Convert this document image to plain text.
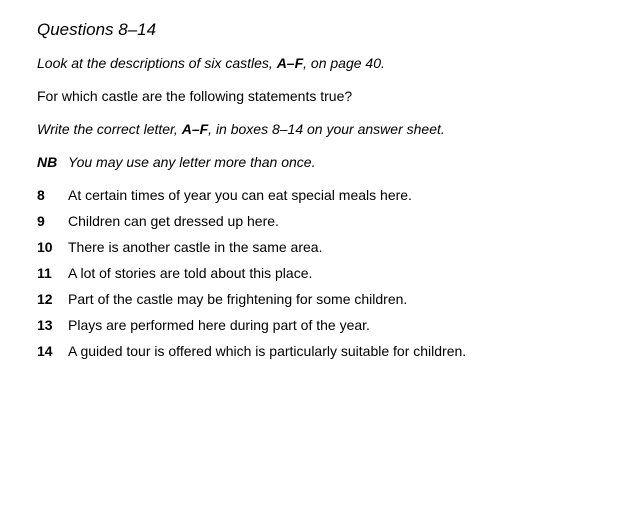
Questions 8–14
Look at the descriptions of six castles, A–F, on page 40.
For which castle are the following statements true?
Write the correct letter, A–F, in boxes 8–14 on your answer sheet.
NB You may use any letter more than once.
8 At certain times of year you can eat special meals here.
9 Children can get dressed up here.
10 There is another castle in the same area.
11 A lot of stories are told about this place.
12 Part of the castle may be frightening for some children.
13 Plays are performed here during part of the year.
14 A guided tour is offered which is particularly suitable for children.
